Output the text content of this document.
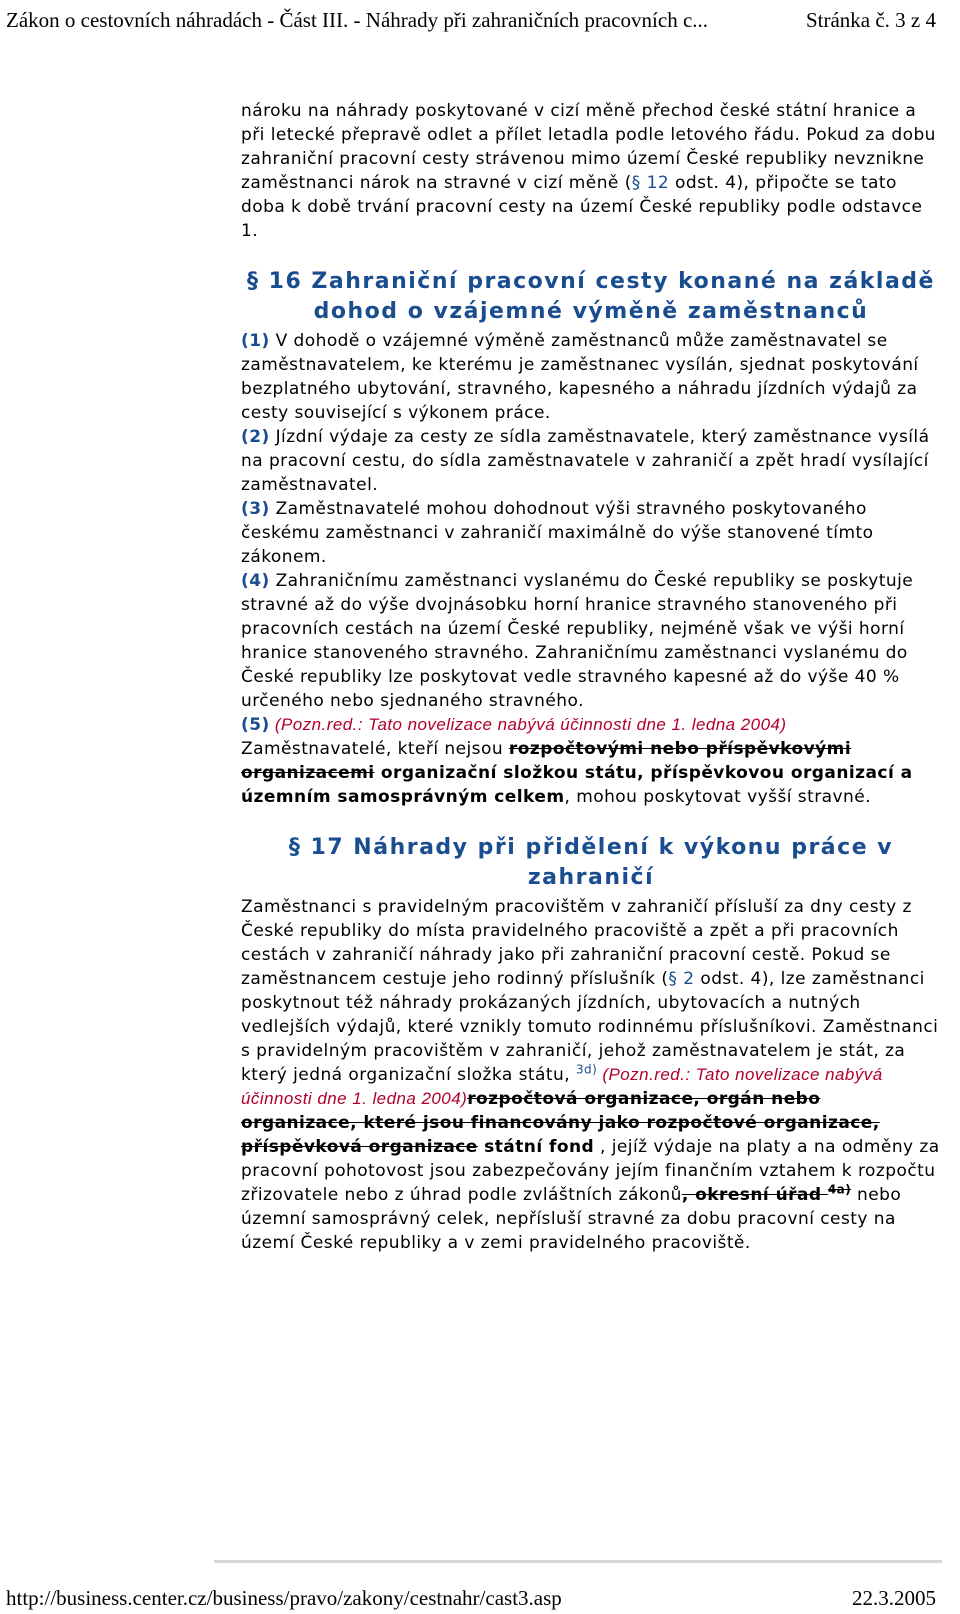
Zákon o cestovních náhradách - Část III. - Náhrady při zahraničních pracovních c...	Stránka č. 3 z 4

nároku na náhrady poskytované v cizí měně přechod české státní hranice a při letecké přepravě odlet a přílet letadla podle letového řádu. Pokud za dobu zahraniční pracovní cesty strávenou mimo území České republiky nevznikne zaměstnanci nárok na stravné v cizí měně (§ 12 odst. 4), připočte se tato doba k době trvání pracovní cesty na území České republiky podle odstavce 1.

§ 16 Zahraniční pracovní cesty konané na základě dohod o vzájemné výměně zaměstnanců

(1) V dohodě o vzájemné výměně zaměstnanců může zaměstnavatel se zaměstnavatelem, ke kterému je zaměstnanec vysílán, sjednat poskytování bezplatného ubytování, stravného, kapesného a náhradu jízdních výdajů za cesty související s výkonem práce.

(2) Jízdní výdaje za cesty ze sídla zaměstnavatele, který zaměstnance vysílá na pracovní cestu, do sídla zaměstnavatele v zahraničí a zpět hradí vysílající zaměstnavatel.

(3) Zaměstnavatelé mohou dohodnout výši stravného poskytovaného českému zaměstnanci v zahraničí maximálně do výše stanovené tímto zákonem.

(4) Zahraničnímu zaměstnanci vyslanému do České republiky se poskytuje stravné až do výše dvojnásobku horní hranice stravného stanoveného při pracovních cestách na území České republiky, nejméně však ve výši horní hranice stanoveného stravného. Zahraničnímu zaměstnanci vyslanému do České republiky lze poskytovat vedle stravného kapesné až do výše 40 % určeného nebo sjednaného stravného.

(5) (Pozn.red.: Tato novelizace nabývá účinnosti dne 1. ledna 2004)

Zaměstnavatelé, kteří nejsou rozpočtovými nebo příspěvkovými organizacemi organizační složkou státu, příspěvkovou organizací a územním samosprávným celkem, mohou poskytovat vyšší stravné.

§ 17 Náhrady při přidělení k výkonu práce v zahraničí

Zaměstnanci s pravidelným pracovištěm v zahraničí přísluší za dny cesty z České republiky do místa pravidelného pracoviště a zpět a při pracovních cestách v zahraničí náhrady jako při zahraniční pracovní cestě. Pokud se zaměstnancem cestuje jeho rodinný příslušník (§ 2 odst. 4), lze zaměstnanci poskytnout též náhrady prokázaných jízdních, ubytovacích a nutných vedlejších výdajů, které vznikly tomuto rodinnému příslušníkovi. Zaměstnanci s pravidelným pracovištěm v zahraničí, jehož zaměstnavatelem je stát, za který jedná organizační složka státu, $^{3d)}$ (Pozn.red.: Tato novelizace nabývá účinnosti dne 1. ledna 2004)rozpočtová organizace, orgán nebo organizace, které jsou financovány jako rozpočtové organizace, příspěvková organizace státní fond , jejíž výdaje na platy a na odměny za pracovní pohotovost jsou zabezpečovány jejím finančním vztahem k rozpočtu zřizovatele nebo z úhrad podle zvláštních zákonů, okresní úřad $^{4a)}$ nebo územní samosprávný celek, nepřísluší stravné za dobu pracovní cesty na území České republiky a v zemi pravidelného pracoviště.

http://business.center.cz/business/pravo/zakony/cestnahr/cast3.asp	22.3.2005
